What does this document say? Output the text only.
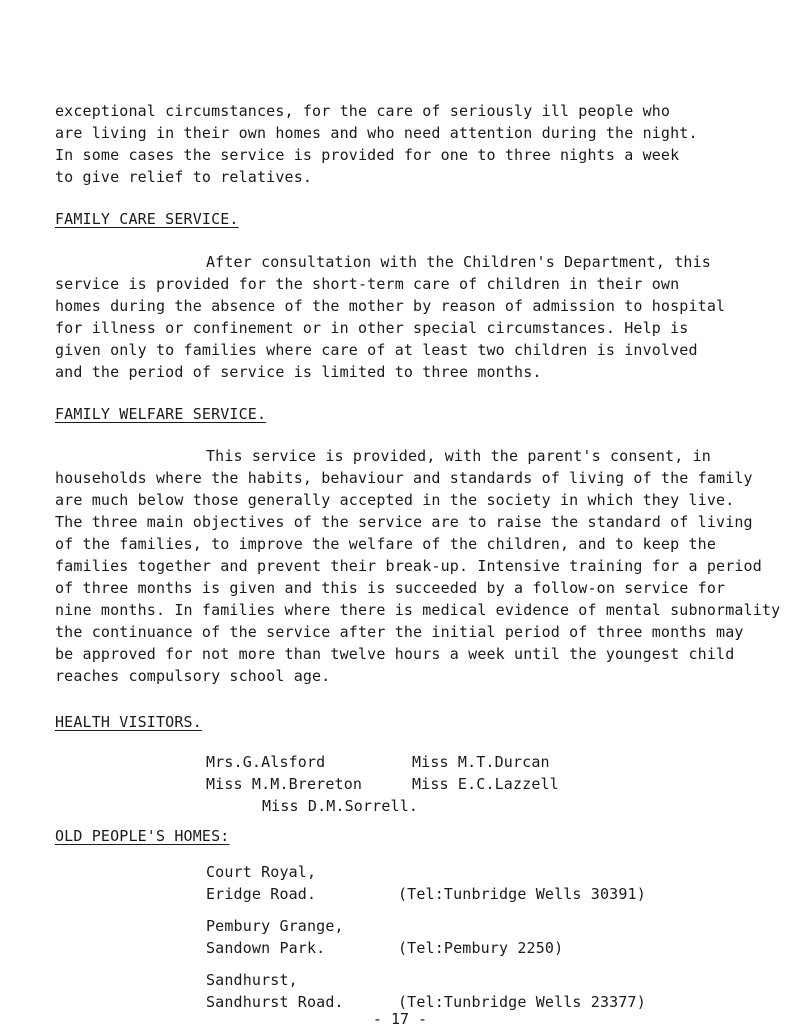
exceptional circumstances, for the care of seriously ill people who
are living in their own homes and who need attention during the night.
In some cases the service is provided for one to three nights a week
to give relief to relatives.
FAMILY CARE SERVICE.
After consultation with the Children's Department, this
service is provided for the short-term care of children in their own
homes during the absence of the mother by reason of admission to hospital
for illness or confinement or in other special circumstances. Help is
given only to families where care of at least two children is involved
and the period of service is limited to three months.
FAMILY WELFARE SERVICE.
This service is provided, with the parent's consent, in
households where the habits, behaviour and standards of living of the family
are much below those generally accepted in the society in which they live.
The three main objectives of the service are to raise the standard of living
of the families, to improve the welfare of the children, and to keep the
families together and prevent their break-up. Intensive training for a period
of three months is given and this is succeeded by a follow-on service for
nine months. In families where there is medical evidence of mental subnormality
the continuance of the service after the initial period of three months may
be approved for not more than twelve hours a week until the youngest child
reaches compulsory school age.
HEALTH VISITORS.
Mrs.G.Alsford	Miss M.T.Durcan
Miss M.M.Brereton	Miss E.C.Lazzell
Miss D.M.Sorrell.
OLD PEOPLE'S HOMES:
Court Royal,
Eridge Road.	(Tel:Tunbridge Wells 30391)
Pembury Grange,
Sandown Park.	(Tel:Pembury 2250)
Sandhurst,
Sandhurst Road.	(Tel:Tunbridge Wells 23377)
- 17 -
